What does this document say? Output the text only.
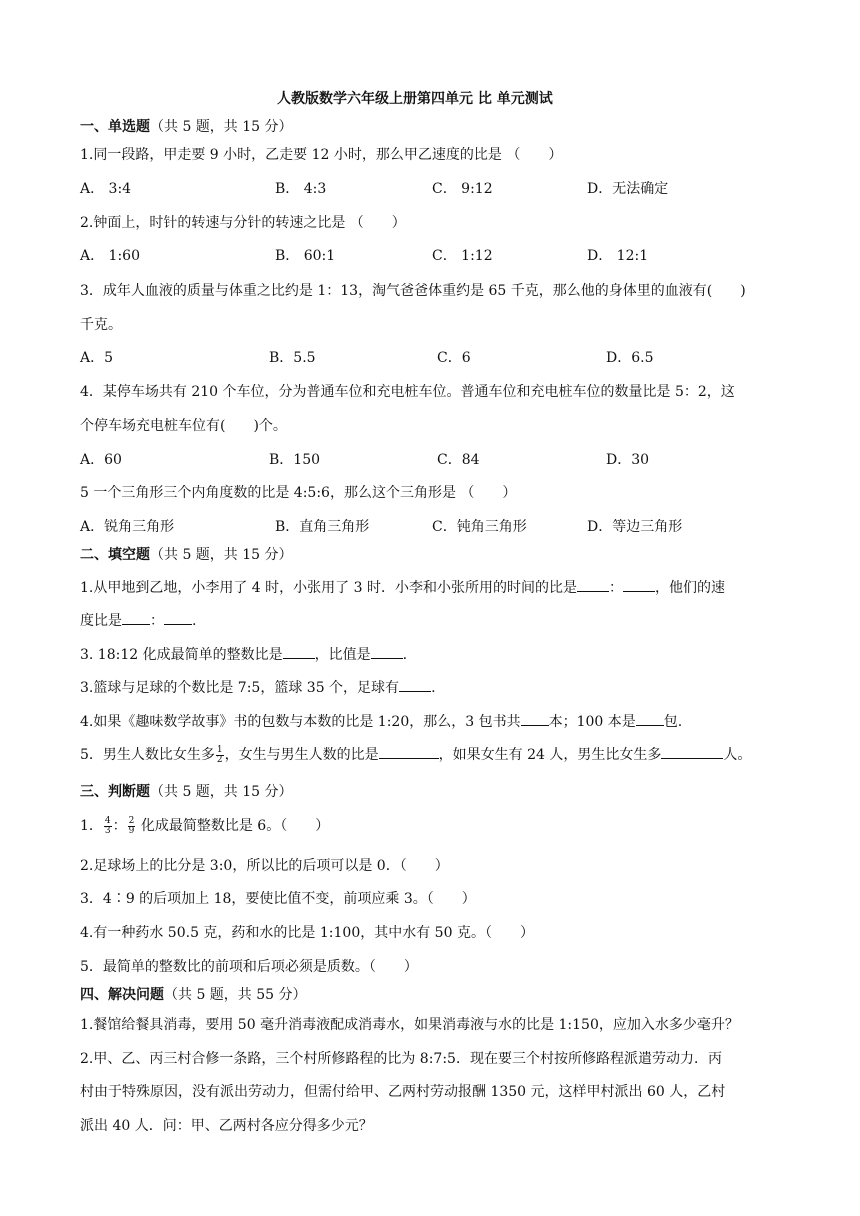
人教版数学六年级上册第四单元 比 单元测试
一、单选题（共 5 题，共 15 分）
1.同一段路，甲走要 9 小时，乙走要 12 小时，那么甲乙速度的比是 （　　）
A． 3:4	B． 4:3	C． 9:12	D．无法确定
2.钟面上，时针的转速与分针的转速之比是 （　　）
A． 1:60	B． 60:1	C． 1:12	D． 12:1
3．成年人血液的质量与体重之比约是 1：13，淘气爸爸体重约是 65 千克，那么他的身体里的血液有(　　)
千克。
A．5	B．5.5	C．6	D．6.5
4．某停车场共有 210 个车位，分为普通车位和充电桩车位。普通车位和充电桩车位的数量比是 5：2，这
个停车场充电桩车位有(　　)个。
A．60	B．150	C．84	D．30
5 一个三角形三个内角度数的比是 4:5:6，那么这个三角形是 （　　）
A．锐角三角形	B．直角三角形	C．钝角三角形	D．等边三角形
二、填空题（共 5 题，共 15 分）
1.从甲地到乙地，小李用了 4 时，小张用了 3 时．小李和小张所用的时间的比是 ： ，他们的速
度比是 ： .
3. 18:12 化成最简单的整数比是 ，比值是 .
3.篮球与足球的个数比是 7:5，篮球 35 个，足球有 .
4.如果《趣味数学故事》书的包数与本数的比是 1:20，那么，3 包书共 本；100 本是 包.
5．男生人数比女生多 $\frac{1}{2}$ ，女生与男生人数的比是	，如果女生有 24 人，男生比女生多	人。
三、判断题（共 5 题，共 15 分）
1． $\frac{4}{3}$ ： $\frac{2}{9}$ 化成最简整数比是 6。（　　）
2.足球场上的比分是 3:0，所以比的后项可以是 0．（　　）
3．4∶9 的后项加上 18，要使比值不变，前项应乘 3。（　　）
4.有一种药水 50.5 克，药和水的比是 1:100，其中水有 50 克。（　　）
5．最简单的整数比的前项和后项必须是质数。（　　）
四、解决问题（共 5 题，共 55 分）
1.餐馆给餐具消毒，要用 50 毫升消毒液配成消毒水，如果消毒液与水的比是 1:150，应加入水多少毫升？
2.甲、乙、丙三村合修一条路，三个村所修路程的比为 8:7:5．现在要三个村按所修路程派遣劳动力．丙
村由于特殊原因，没有派出劳动力，但需付给甲、乙两村劳动报酬 1350 元，这样甲村派出 60 人，乙村
派出 40 人．问：甲、乙两村各应分得多少元？
